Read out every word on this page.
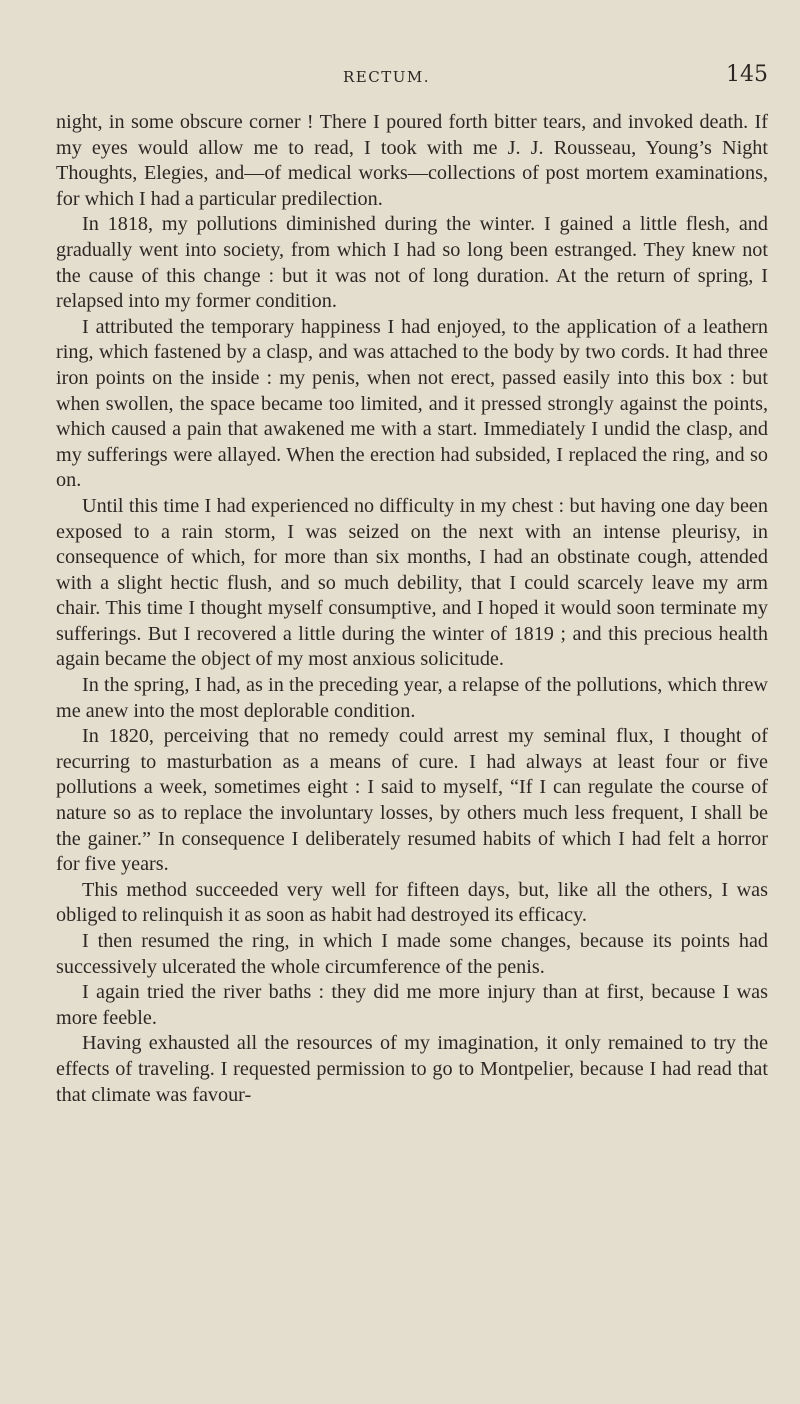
RECTUM.	145

night, in some obscure corner ! There I poured forth bitter tears, and invoked death. If my eyes would allow me to read, I took with me J. J. Rousseau, Young’s Night Thoughts, Elegies, and—of medical works—collections of post mortem examinations, for which I had a particular predilection.

In 1818, my pollutions diminished during the winter. I gained a little flesh, and gradually went into society, from which I had so long been estranged. They knew not the cause of this change : but it was not of long duration. At the return of spring, I relapsed into my former condition.

I attributed the temporary happiness I had enjoyed, to the application of a leathern ring, which fastened by a clasp, and was attached to the body by two cords. It had three iron points on the inside : my penis, when not erect, passed easily into this box : but when swollen, the space became too limited, and it pressed strongly against the points, which caused a pain that awakened me with a start. Immediately I undid the clasp, and my sufferings were allayed. When the erection had subsided, I replaced the ring, and so on.

Until this time I had experienced no difficulty in my chest : but having one day been exposed to a rain storm, I was seized on the next with an intense pleurisy, in consequence of which, for more than six months, I had an obstinate cough, attended with a slight hectic flush, and so much debility, that I could scarcely leave my arm chair. This time I thought myself consumptive, and I hoped it would soon terminate my sufferings. But I recovered a little during the winter of 1819 ; and this precious health again became the object of my most anxious solicitude.

In the spring, I had, as in the preceding year, a relapse of the pollutions, which threw me anew into the most deplorable condition.

In 1820, perceiving that no remedy could arrest my seminal flux, I thought of recurring to masturbation as a means of cure. I had always at least four or five pollutions a week, sometimes eight : I said to myself, “If I can regulate the course of nature so as to replace the involuntary losses, by others much less frequent, I shall be the gainer.” In consequence I deliberately resumed habits of which I had felt a horror for five years.

This method succeeded very well for fifteen days, but, like all the others, I was obliged to relinquish it as soon as habit had destroyed its efficacy.

I then resumed the ring, in which I made some changes, because its points had successively ulcerated the whole circumference of the penis.

I again tried the river baths : they did me more injury than at first, because I was more feeble.

Having exhausted all the resources of my imagination, it only remained to try the effects of traveling. I requested permission to go to Montpelier, because I had read that that climate was favour-
